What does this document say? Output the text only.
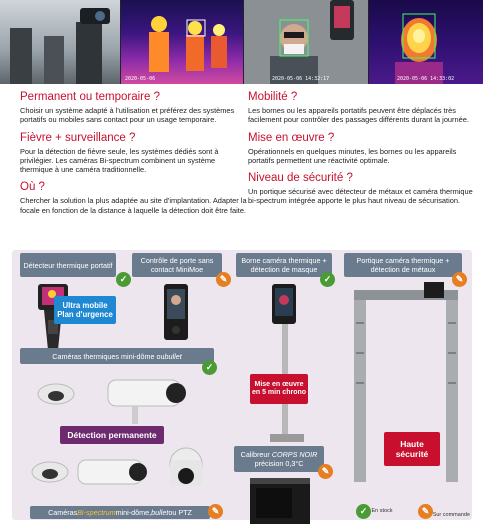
2020-05-06	2020-05-06 14:32:17	2020-05-06 14:33:02
Permanent ou temporaire ?
Choisir un système adapté à l'utilisation et préférez des systèmes portatifs ou mobiles sans contact pour un usage temporaire.
Fièvre + surveillance ?
Pour la détection de fièvre seule, les systèmes dédiés sont à privilégier. Les caméras Bi-spectrum combinent un système thermique à une caméra traditionnelle.
Où ?
Chercher la solution la plus adaptée au site d'implantation. Adapter la focale en fonction de la distance à laquelle la détection doit être faite.
Mobilité ?
Les bornes ou les appareils portatifs peuvent être déplacés très facilement pour contrôler des passages différents durant la journée.
Mise en œuvre ?
Opérationnels en quelques minutes, les bornes ou les appareils portatifs permettent une réactivité optimale.
Niveau de sécurité ?
Un portique sécurisé avec détecteur de métaux et caméra thermique bi-spectrum intégrée apporte le plus haut niveau de sécurisation.
Détecteur thermique portatif
✓
Ultra mobile Plan d'urgence
Contrôle de porte sans contact MiniMoe
✎
Borne caméra thermique + détection de masque
✓
Mise en œuvre en 5 min chrono
Calibreur CORPS NOIR
précision 0,3°C
✎
Portique caméra thermique + détection de métaux
✎
Haute sécurité
Caméras thermiques mini-dôme ou bullet
✓
Détection permanente
Caméras Bi-spectrum mini-dôme, bullet ou PTZ	✎	✓ En stock	✎ Sur commande
